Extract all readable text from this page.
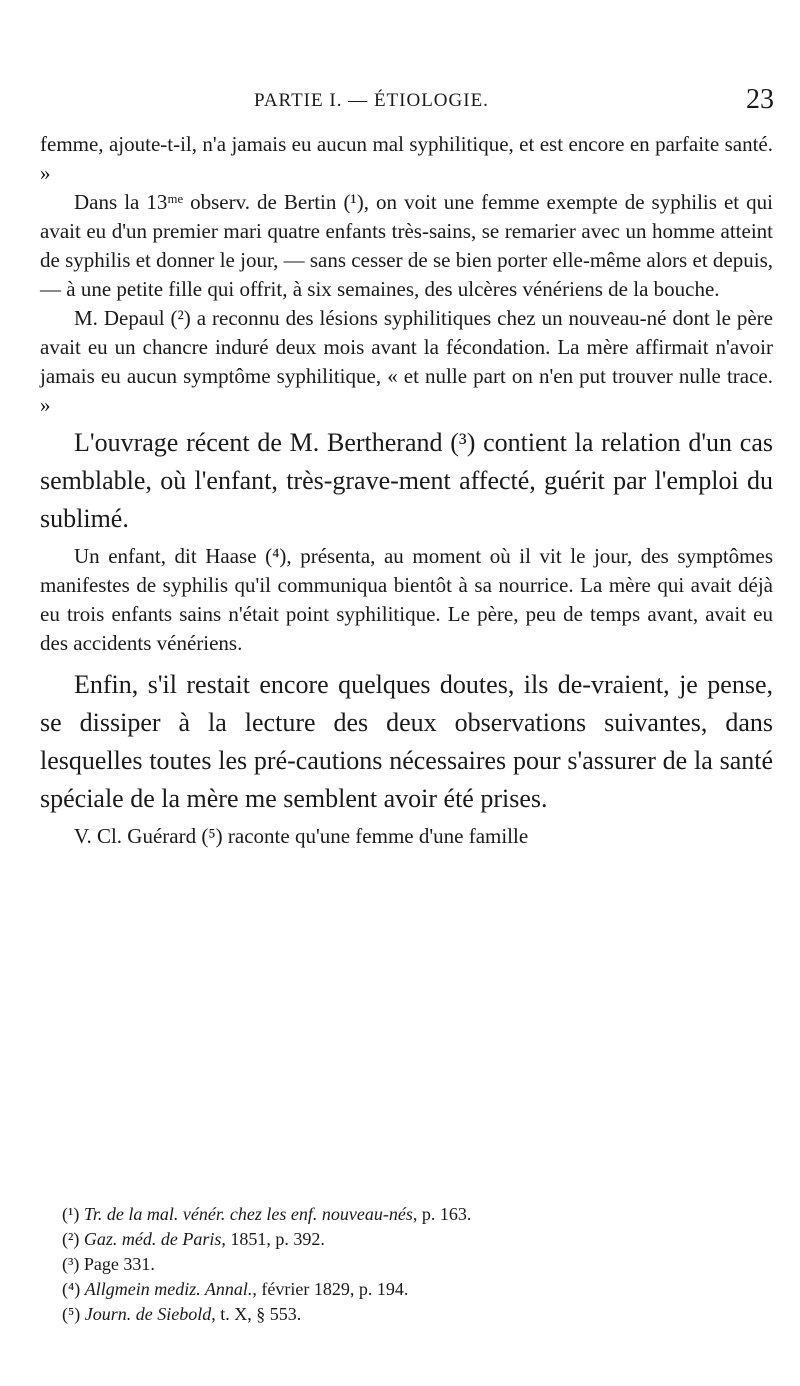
PARTIE I. — ÉTIOLOGIE.	23

femme, ajoute-t-il, n'a jamais eu aucun mal syphilitique, et est encore en parfaite santé. »

Dans la 13ᵐᵉ observ. de Bertin (¹), on voit une femme exempte de syphilis et qui avait eu d'un premier mari quatre enfants très-sains, se remarier avec un homme atteint de syphilis et donner le jour, — sans cesser de se bien porter elle-même alors et depuis, — à une petite fille qui offrit, à six semaines, des ulcères vénériens de la bouche.

M. Depaul (²) a reconnu des lésions syphilitiques chez un nouveau-né dont le père avait eu un chancre induré deux mois avant la fécondation. La mère affirmait n'avoir jamais eu aucun symptôme syphilitique, « et nulle part on n'en put trouver nulle trace. »

L'ouvrage récent de M. Bertherand (³) contient la relation d'un cas semblable, où l'enfant, très-grave-ment affecté, guérit par l'emploi du sublimé.

Un enfant, dit Haase (⁴), présenta, au moment où il vit le jour, des symptômes manifestes de syphilis qu'il communiqua bientôt à sa nourrice. La mère qui avait déjà eu trois enfants sains n'était point syphilitique. Le père, peu de temps avant, avait eu des accidents vénériens.

Enfin, s'il restait encore quelques doutes, ils de-vraient, je pense, se dissiper à la lecture des deux observations suivantes, dans lesquelles toutes les pré-cautions nécessaires pour s'assurer de la santé spéciale de la mère me semblent avoir été prises.

V. Cl. Guérard (⁵) raconte qu'une femme d'une famille

(¹) Tr. de la mal. vénér. chez les enf. nouveau-nés, p. 163.

(²) Gaz. méd. de Paris, 1851, p. 392.

(³) Page 331.

(⁴) Allgmein mediz. Annal., février 1829, p. 194.

(⁵) Journ. de Siebold, t. X, § 553.
